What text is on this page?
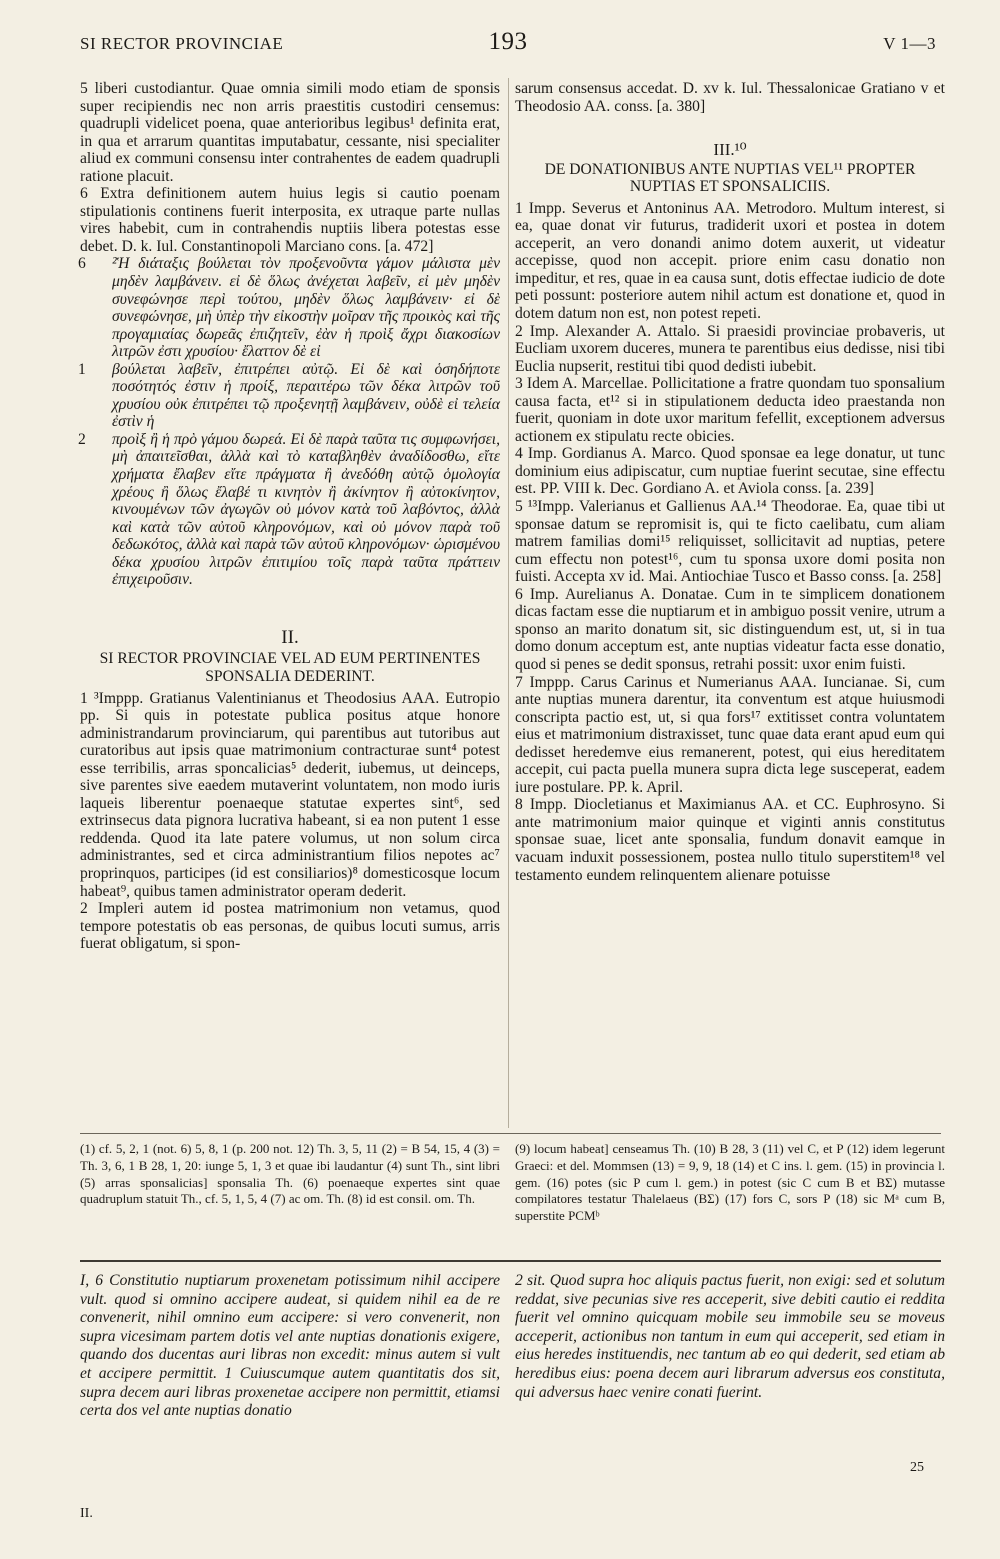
SI RECTOR PROVINCIAE	193	V 1—3

5 liberi custodiantur. Quae omnia simili modo etiam de sponsis super recipiendis nec non arris praestitis custodiri censemus: quadrupli videlicet poena, quae anterioribus legibus¹ definita erat, in qua et arrarum quantitas imputabatur, cessante, nisi specialiter aliud ex communi consensu inter contrahentes de eadem quadrupli ratione placuit.

6 Extra definitionem autem huius legis si cautio poenam stipulationis continens fuerit interposita, ex utraque parte nullas vires habebit, cum in contrahendis nuptiis libera potestas esse debet. D. k. Iul. Constantinopoli Marciano cons. [a. 472]

6 ²Ἡ διάταξις βούλεται τὸν προξενοῦντα γάμον μάλιστα μὲν μηδὲν λαμβάνειν. εἰ δὲ ὅλως ἀνέχεται λαβεῖν, εἰ μὲν μηδὲν συνεφώνησε περὶ τούτου, μηδὲν ὅλως λαμβάνειν· εἰ δὲ συνεφώνησε, μὴ ὑπὲρ τὴν εἰκοστὴν μοῖραν τῆς προικὸς καὶ τῆς προγαμιαίας δωρεᾶς ἐπιζητεῖν, ἐὰν ἡ προὶξ ἄχρι διακοσίων λιτρῶν ἐστι χρυσίου· ἔλαττον δὲ εἰ

1 βούλεται λαβεῖν, ἐπιτρέπει αὐτῷ. Εἰ δὲ καὶ ὁσηδήποτε ποσότητός ἐστιν ἡ προίξ, περαιτέρω τῶν δέκα λιτρῶν τοῦ χρυσίου οὐκ ἐπιτρέπει τῷ προξενητῇ λαμβάνειν, οὐδὲ εἰ τελεία ἐστὶν ἡ

2 προὶξ ἢ ἡ πρὸ γάμου δωρεά. Εἰ δὲ παρὰ ταῦτα τις συμφωνήσει, μὴ ἀπαιτεῖσθαι, ἀλλὰ καὶ τὸ καταβληθὲν ἀναδίδοσθω, εἴτε χρήματα ἔλαβεν εἴτε πράγματα ἢ ἀνεδόθη αὐτῷ ὁμολογία χρέους ἢ ὅλως ἔλαβέ τι κινητὸν ἢ ἀκίνητον ἢ αὐτοκίνητον, κινουμένων τῶν ἀγωγῶν οὐ μόνον κατὰ τοῦ λαβόντος, ἀλλὰ καὶ κατὰ τῶν αὐτοῦ κληρονόμων, καὶ οὐ μόνον παρὰ τοῦ δεδωκότος, ἀλλὰ καὶ παρὰ τῶν αὐτοῦ κληρονόμων· ὡρισμένου δέκα χρυσίου λιτρῶν ἐπιτιμίου τοῖς παρὰ ταῦτα πράττειν ἐπιχειροῦσιν.

II.
SI RECTOR PROVINCIAE VEL AD EUM PERTINENTES SPONSALIA DEDERINT.

1 ³Imppp. Gratianus Valentinianus et Theodosius AAA. Eutropio pp. Si quis in potestate publica positus atque honore administrandarum provinciarum, qui parentibus aut tutoribus aut curatoribus aut ipsis quae matrimonium contracturae sunt⁴ potest esse terribilis, arras sponcalicias⁵ dederit, iubemus, ut deinceps, sive parentes sive eaedem mutaverint voluntatem, non modo iuris laqueis liberentur poenaeque statutae expertes sint⁶, sed extrinsecus data pignora lucrativa habeant, si ea non putent 1 esse reddenda. Quod ita late patere volumus, ut non solum circa administrantes, sed et circa administrantium filios nepotes ac⁷ proprinquos, participes (id est consiliarios)⁸ domesticosque locum habeat⁹, quibus tamen administrator operam dederit.

2 Impleri autem id postea matrimonium non vetamus, quod tempore potestatis ob eas personas, de quibus locuti sumus, arris fuerat obligatum, si spon-

sarum consensus accedat. D. xv k. Iul. Thessalonicae Gratiano v et Theodosio AA. conss. [a. 380]

III.¹⁰
DE DONATIONIBUS ANTE NUPTIAS VEL¹¹ PROPTER NUPTIAS ET SPONSALICIIS.

1 Impp. Severus et Antoninus AA. Metrodoro. Multum interest, si ea, quae donat vir futurus, tradiderit uxori et postea in dotem acceperit, an vero donandi animo dotem auxerit, ut videatur accepisse, quod non accepit. priore enim casu donatio non impeditur, et res, quae in ea causa sunt, dotis effectae iudicio de dote peti possunt: posteriore autem nihil actum est donatione et, quod in dotem datum non est, non potest repeti.

2 Imp. Alexander A. Attalo. Si praesidi provinciae probaveris, ut Eucliam uxorem duceres, munera te parentibus eius dedisse, nisi tibi Euclia nupserit, restitui tibi quod dedisti iubebit.

3 Idem A. Marcellae. Pollicitatione a fratre quondam tuo sponsalium causa facta, et¹² si in stipulationem deducta ideo praestanda non fuerit, quoniam in dote uxor maritum fefellit, exceptionem adversus actionem ex stipulatu recte obicies.

4 Imp. Gordianus A. Marco. Quod sponsae ea lege donatur, ut tunc dominium eius adipiscatur, cum nuptiae fuerint secutae, sine effectu est. PP. VIII k. Dec. Gordiano A. et Aviola conss. [a. 239]

5 ¹³Impp. Valerianus et Gallienus AA.¹⁴ Theodorae. Ea, quae tibi ut sponsae datum se repromisit is, qui te ficto caelibatu, cum aliam matrem familias domi¹⁵ reliquisset, sollicitavit ad nuptias, petere cum effectu non potest¹⁶, cum tu sponsa uxore domi posita non fuisti. Accepta xv id. Mai. Antiochiae Tusco et Basso conss. [a. 258]

6 Imp. Aurelianus A. Donatae. Cum in te simplicem donationem dicas factam esse die nuptiarum et in ambiguo possit venire, utrum a sponso an marito donatum sit, sic distinguendum est, ut, si in tua domo donum acceptum est, ante nuptias videatur facta esse donatio, quod si penes se dedit sponsus, retrahi possit: uxor enim fuisti.

7 Imppp. Carus Carinus et Numerianus AAA. Iuncianae. Si, cum ante nuptias munera darentur, ita conventum est atque huiusmodi conscripta pactio est, ut, si qua fors¹⁷ extitisset contra voluntatem eius et matrimonium distraxisset, tunc quae data erant apud eum qui dedisset heredemve eius remanerent, potest, qui eius hereditatem accepit, cui pacta puella munera supra dicta lege susceperat, eadem iure postulare. PP. k. April.

8 Impp. Diocletianus et Maximianus AA. et CC. Euphrosyno. Si ante matrimonium maior quinque et viginti annis constitutus sponsae suae, licet ante sponsalia, fundum donavit eamque in vacuam induxit possessionem, postea nullo titulo superstitem¹⁸ vel testamento eundem relinquentem alienare potuisse

(1) cf. 5, 2, 1 (not. 6) 5, 8, 1 (p. 200 not. 12) Th. 3, 5, 11 (2) = B 54, 15, 4 (3) = Th. 3, 6, 1 B 28, 1, 20: iunge 5, 1, 3 et quae ibi laudantur (4) sunt Th., sint libri (5) arras sponsalicias] sponsalia Th. (6) poenaeque expertes sint quae quadruplum statuit Th., cf. 5, 1, 5, 4 (7) ac om. Th. (8) id est consil. om. Th.
(9) locum habeat] censeamus Th. (10) B 28, 3 (11) vel C, et P (12) idem legerunt Graeci: et del. Mommsen (13) = 9, 9, 18 (14) et C ins. l. gem. (15) in provincia l. gem. (16) potes (sic P cum l. gem.) in potest (sic C cum B et BΣ) mutasse compilatores testatur Thalelaeus (BΣ) (17) fors C, sors P (18) sic Mᵃ cum B, superstite PCMᵇ
I, 6 Constitutio nuptiarum proxenetam potissimum nihil accipere vult. quod si omnino accipere audeat, si quidem nihil ea de re convenerit, nihil omnino eum accipere: si vero convenerit, non supra vicesimam partem dotis vel ante nuptias donationis exigere, quando dos ducentas auri libras non excedit: minus autem si vult et accipere permittit. 1 Cuiuscumque autem quantitatis dos sit, supra decem auri libras proxenetae accipere non permittit, etiamsi certa dos vel ante nuptias donatio
2 sit. Quod supra hoc aliquis pactus fuerit, non exigi: sed et solutum reddat, sive pecunias sive res acceperit, sive debiti cautio ei reddita fuerit vel omnino quicquam mobile seu immobile seu se moveus acceperit, actionibus non tantum in eum qui acceperit, sed etiam in eius heredes instituendis, nec tantum ab eo qui dederit, sed etiam ab heredibus eius: poena decem auri librarum adversus eos constituta, qui adversus haec venire conati fuerint.
II.
25
